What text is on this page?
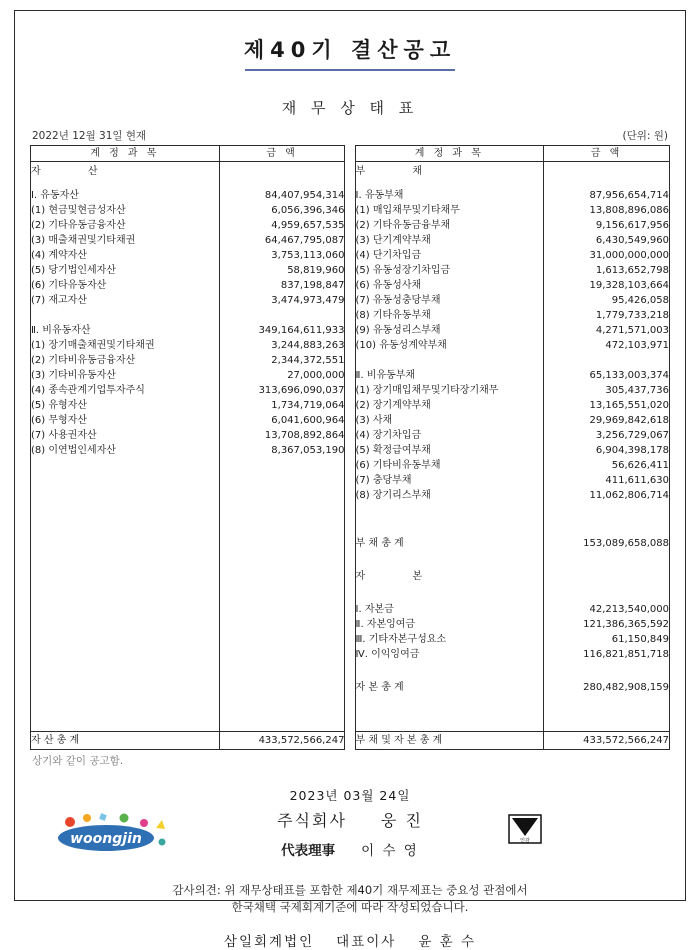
제40기 결산공고
재 무 상 태 표
2022년 12월 31일 현재	(단위: 원)
계 정 과 목	금 액		계 정 과 목	금 액
자 산			부 채	

Ⅰ. 유동자산	84,407,954,314		Ⅰ. 유동부채	87,956,654,714
(1) 현금및현금성자산	6,056,396,346		(1) 매입채무및기타채무	13,808,896,086
(2) 기타유동금융자산	4,959,657,535		(2) 기타유동금융부채	9,156,617,956
(3) 매출채권및기타채권	64,467,795,087		(3) 단기계약부채	6,430,549,960
(4) 계약자산	3,753,113,060		(4) 단기차입금	31,000,000,000
(5) 당기법인세자산	58,819,960		(5) 유동성장기차입금	1,613,652,798
(6) 기타유동자산	837,198,847		(6) 유동성사채	19,328,103,664
(7) 재고자산	3,474,973,479		(7) 유동성충당부채	95,426,058
			(8) 기타유동부채	1,779,733,218
Ⅱ. 비유동자산	349,164,611,933		(9) 유동성리스부채	4,271,571,003
(1) 장기매출채권및기타채권	3,244,883,263		(10) 유동성계약부채	472,103,971
(2) 기타비유동금융자산	2,344,372,551			
(3) 기타비유동자산	27,000,000		Ⅱ. 비유동부채	65,133,003,374
(4) 종속관계기업투자주식	313,696,090,037		(1) 장기매입채무및기타장기채무	305,437,736
(5) 유형자산	1,734,719,064		(2) 장기계약부채	13,165,551,020
(6) 무형자산	6,041,600,964		(3) 사채	29,969,842,618
(7) 사용권자산	13,708,892,864		(4) 장기차입금	3,256,729,067
(8) 이연법인세자산	8,367,053,190		(5) 확정급여부채	6,904,398,178
			(6) 기타비유동부채	56,626,411
			(7) 충당부채	411,611,630
			(8) 장기리스부채	11,062,806,714

			부 채 총 계	153,089,658,088

			자 본	

			Ⅰ. 자본금	42,213,540,000
			Ⅱ. 자본잉여금	121,386,365,592
			Ⅲ. 기타자본구성요소	61,150,849
			Ⅳ. 이익잉여금	116,821,851,718

			자 본 총 계	280,482,908,159

자 산 총 계	433,572,566,247		부 채 및 자 본 총 계	433,572,566,247

상기와 같이 공고함.
2023년 03월 24일
woongjin
주식회사 웅 진
인감
代表理事 이 수 영
감사의견: 위 재무상태표를 포함한 제40기 재무제표는 중요성 관점에서
한국채택 국제회계기준에 따라 작성되었습니다.
삼일회계법인 대표이사 윤 훈 수
